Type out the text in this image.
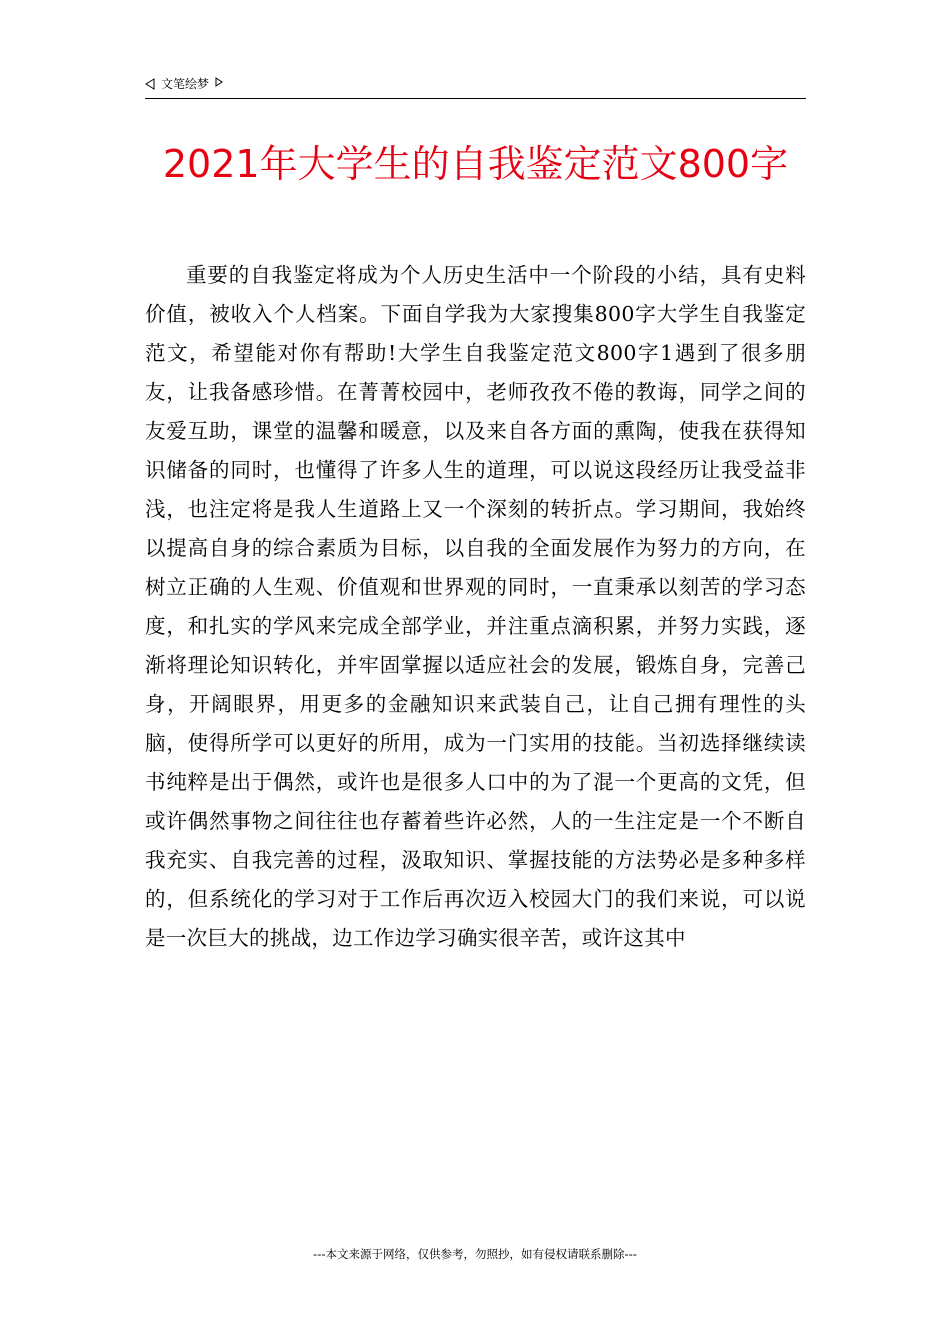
文笔绘梦
2021年大学生的自我鉴定范文800字

重要的自我鉴定将成为个人历史生活中一个阶段的小结，具有史料价值，被收入个人档案。下面自学我为大家搜集800字大学生自我鉴定范文，希望能对你有帮助!大学生自我鉴定范文800字1遇到了很多朋友，让我备感珍惜。在菁菁校园中，老师孜孜不倦的教诲，同学之间的友爱互助，课堂的温馨和暖意，以及来自各方面的熏陶，使我在获得知识储备的同时，也懂得了许多人生的道理，可以说这段经历让我受益非浅，也注定将是我人生道路上又一个深刻的转折点。学习期间，我始终以提高自身的综合素质为目标，以自我的全面发展作为努力的方向，在树立正确的人生观、价值观和世界观的同时，一直秉承以刻苦的学习态度，和扎实的学风来完成全部学业，并注重点滴积累，并努力实践，逐渐将理论知识转化，并牢固掌握以适应社会的发展，锻炼自身，完善己身，开阔眼界，用更多的金融知识来武装自己，让自己拥有理性的头脑，使得所学可以更好的所用，成为一门实用的技能。当初选择继续读书纯粹是出于偶然，或许也是很多人口中的为了混一个更高的文凭，但或许偶然事物之间往往也存蓄着些许必然，人的一生注定是一个不断自我充实、自我完善的过程，汲取知识、掌握技能的方法势必是多种多样的，但系统化的学习对于工作后再次迈入校园大门的我们来说，可以说是一次巨大的挑战，边工作边学习确实很辛苦，或许这其中

---本文来源于网络，仅供参考，勿照抄，如有侵权请联系删除---
